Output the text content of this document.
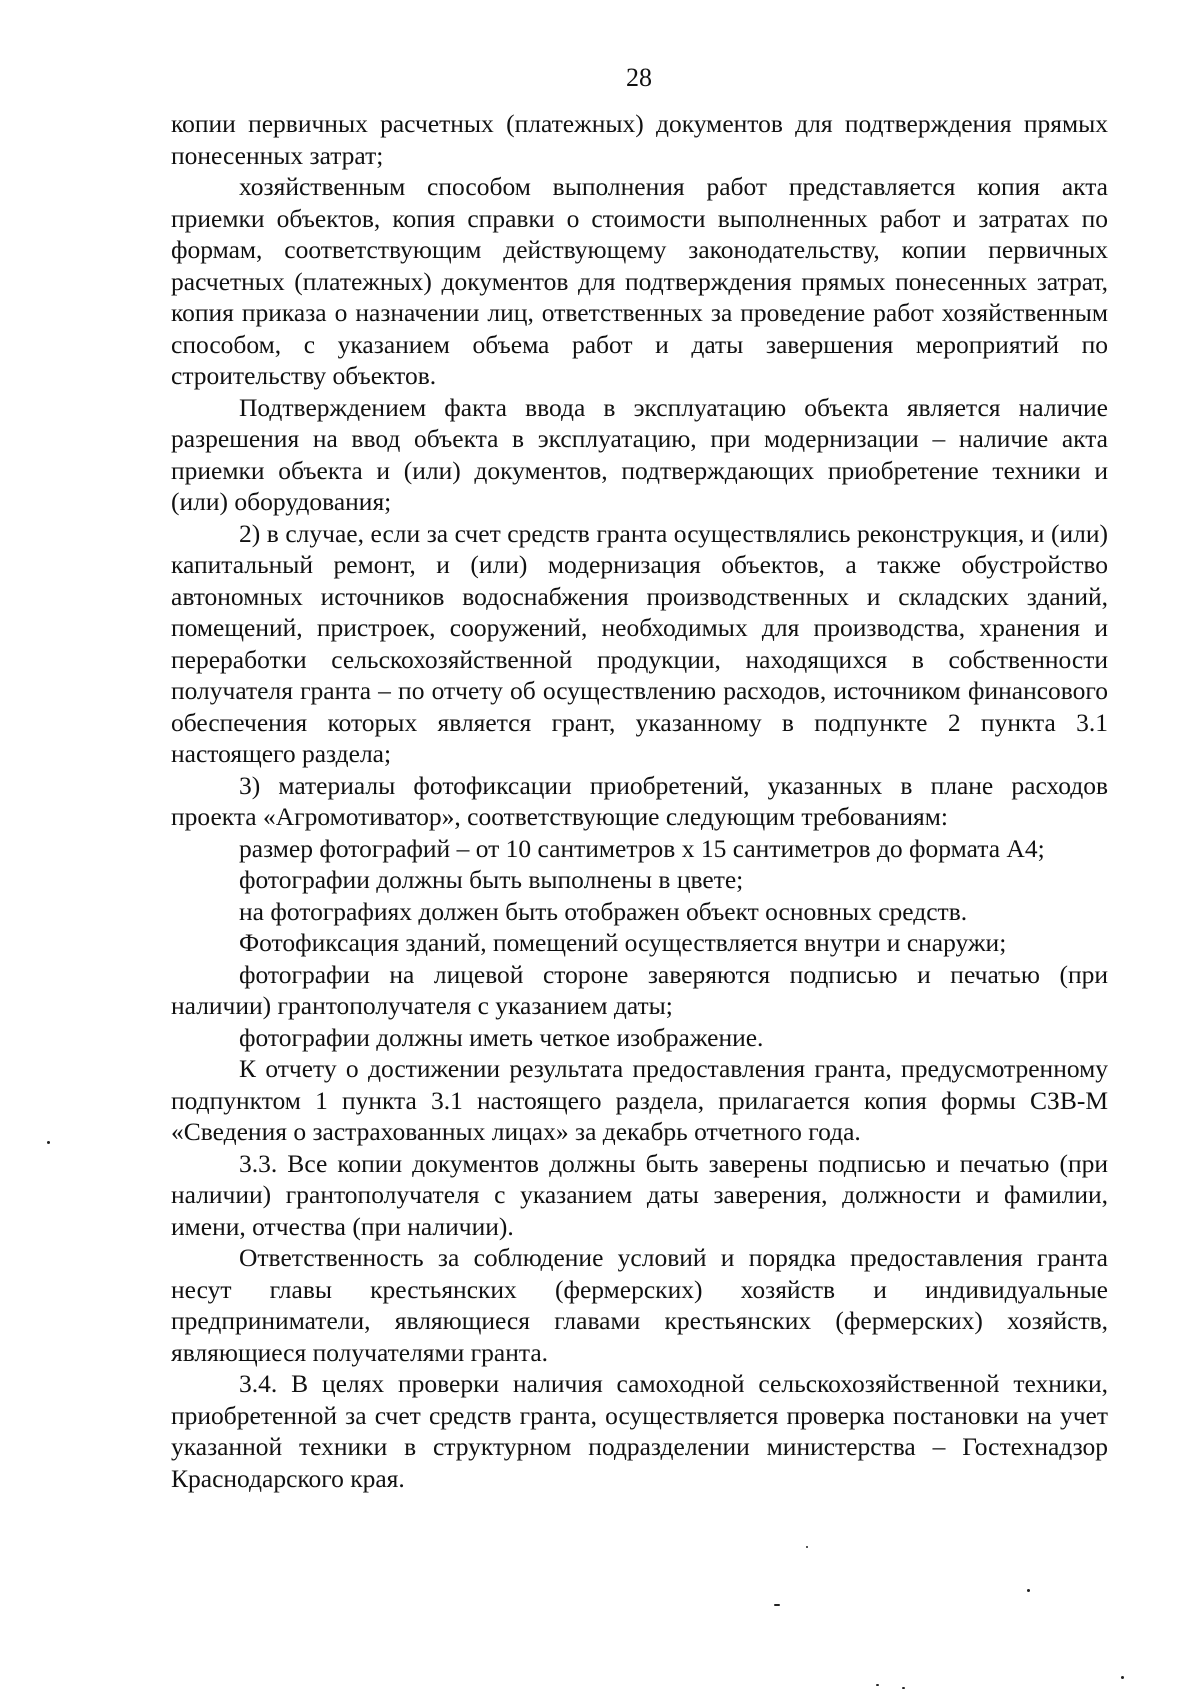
28

копии первичных расчетных (платежных) документов для подтверждения прямых понесенных затрат;

хозяйственным способом выполнения работ представляется копия акта приемки объектов, копия справки о стоимости выполненных работ и затратах по формам, соответствующим действующему законодательству, копии первичных расчетных (платежных) документов для подтверждения прямых понесенных затрат, копия приказа о назначении лиц, ответственных за проведение работ хозяйственным способом, с указанием объема работ и даты завершения мероприятий по строительству объектов.

Подтверждением факта ввода в эксплуатацию объекта является наличие разрешения на ввод объекта в эксплуатацию, при модернизации – наличие акта приемки объекта и (или) документов, подтверждающих приобретение техники и (или) оборудования;

2) в случае, если за счет средств гранта осуществлялись реконструкция, и (или) капитальный ремонт, и (или) модернизация объектов, а также обустройство автономных источников водоснабжения производственных и складских зданий, помещений, пристроек, сооружений, необходимых для производства, хранения и переработки сельскохозяйственной продукции, находящихся в собственности получателя гранта – по отчету об осуществлению расходов, источником финансового обеспечения которых является грант, указанному в подпункте 2 пункта 3.1 настоящего раздела;

3) материалы фотофиксации приобретений, указанных в плане расходов проекта «Агромотиватор», соответствующие следующим требованиям:

размер фотографий – от 10 сантиметров х 15 сантиметров до формата А4;

фотографии должны быть выполнены в цвете;

на фотографиях должен быть отображен объект основных средств.

Фотофиксация зданий, помещений осуществляется внутри и снаружи;

фотографии на лицевой стороне заверяются подписью и печатью (при наличии) грантополучателя с указанием даты;

фотографии должны иметь четкое изображение.

К отчету о достижении результата предоставления гранта, предусмотренному подпунктом 1 пункта 3.1 настоящего раздела, прилагается копия формы СЗВ-М «Сведения о застрахованных лицах» за декабрь отчетного года.

3.3. Все копии документов должны быть заверены подписью и печатью (при наличии) грантополучателя с указанием даты заверения, должности и фамилии, имени, отчества (при наличии).

Ответственность за соблюдение условий и порядка предоставления гранта несут главы крестьянских (фермерских) хозяйств и индивидуальные предприниматели, являющиеся главами крестьянских (фермерских) хозяйств, являющиеся получателями гранта.

3.4. В целях проверки наличия самоходной сельскохозяйственной техники, приобретенной за счет средств гранта, осуществляется проверка постановки на учет указанной техники в структурном подразделении министерства – Гостехнадзор Краснодарского края.
